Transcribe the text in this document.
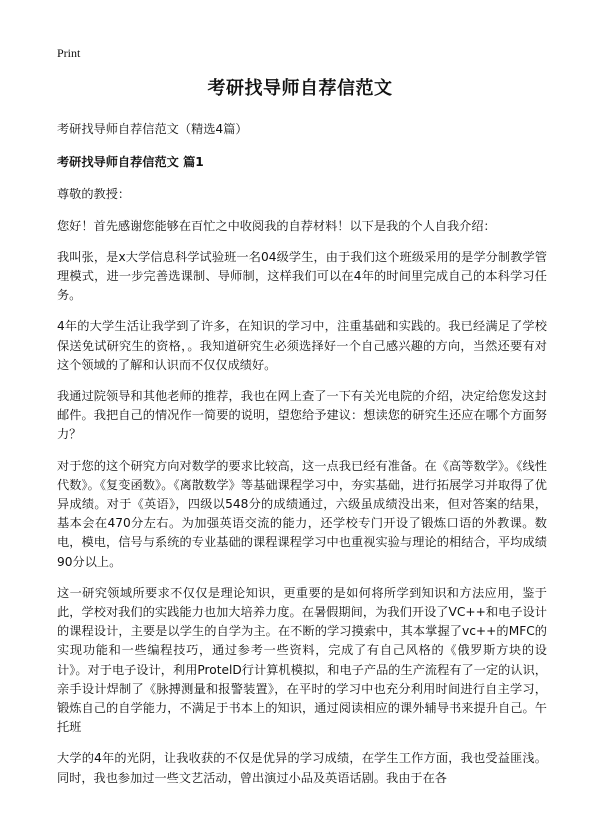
Print
考研找导师自荐信范文

考研找导师自荐信范文（精选4篇）

考研找导师自荐信范文 篇1

尊敬的教授：

您好！首先感谢您能够在百忙之中收阅我的自荐材料！以下是我的个人自我介绍：

我叫张，是x大学信息科学试验班一名04级学生，由于我们这个班级采用的是学分制教学管理模式，进一步完善选课制、导师制，这样我们可以在4年的时间里完成自己的本科学习任务。

4年的大学生活让我学到了许多，在知识的学习中，注重基础和实践的。我已经满足了学校保送免试研究生的资格，。我知道研究生必须选择好一个自己感兴趣的方向，当然还要有对这个领域的了解和认识而不仅仅成绩好。

我通过院领导和其他老师的推荐，我也在网上查了一下有关光电院的介绍，决定给您发这封邮件。我把自己的情况作一简要的说明，望您给予建议：想读您的研究生还应在哪个方面努力？

对于您的这个研究方向对数学的要求比较高，这一点我已经有准备。在《高等数学》。《线性代数》。《复变函数》。《离散数学》等基础课程学习中，夯实基础，进行拓展学习并取得了优异成绩。对于《英语》，四级以548分的成绩通过，六级虽成绩没出来，但对答案的结果，基本会在470分左右。为加强英语交流的能力，还学校专门开设了锻炼口语的外教课。数电，模电，信号与系统的专业基础的课程课程学习中也重视实验与理论的相结合，平均成绩90分以上。

这一研究领域所要求不仅仅是理论知识，更重要的是如何将所学到知识和方法应用，鉴于此，学校对我们的实践能力也加大培养力度。在暑假期间，为我们开设了VC++和电子设计的课程设计，主要是以学生的自学为主。在不断的学习摸索中，其本掌握了vc++的MFC的实现功能和一些编程技巧，通过参考一些资料，完成了有自己风格的《俄罗斯方块的设计》。对于电子设计，利用ProtelD行计算机模拟，和电子产品的生产流程有了一定的认识，亲手设计焊制了《脉搏测量和报警装置》，在平时的学习中也充分利用时间进行自主学习，锻炼自己的自学能力，不满足于书本上的知识，通过阅读相应的课外辅导书来提升自己。午托班

大学的4年的光阴，让我收获的不仅是优异的学习成绩，在学生工作方面，我也受益匪浅。同时，我也参加过一些文艺活动，曾出演过小品及英语话剧。我由于在各
